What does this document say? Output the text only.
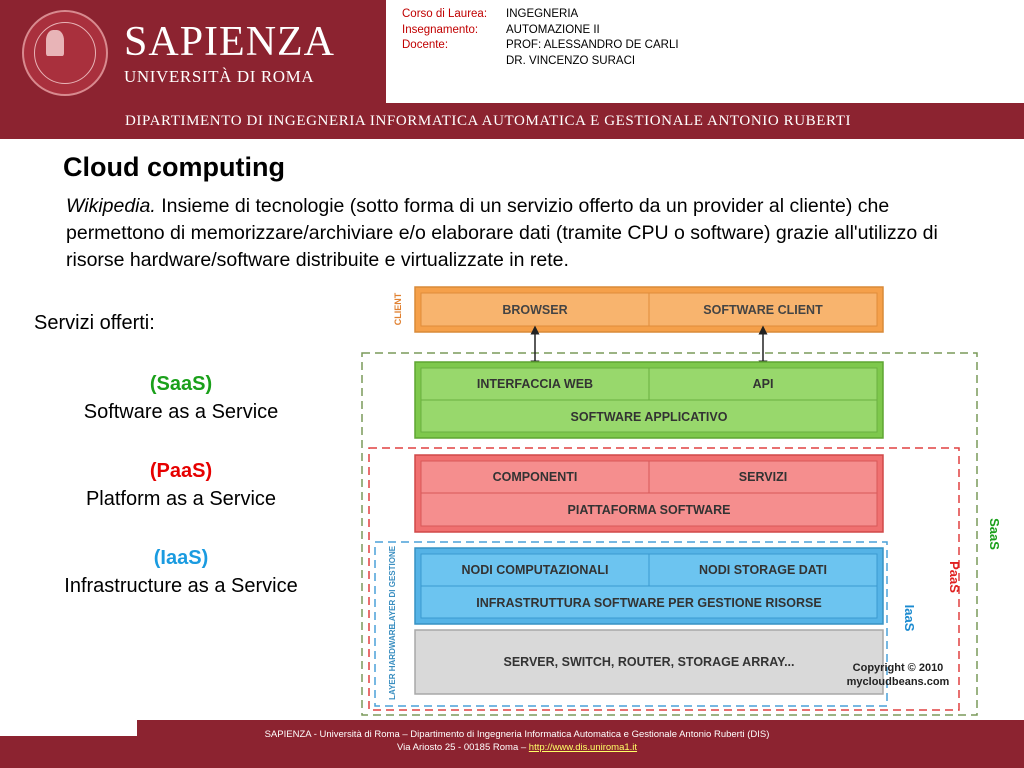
SAPIENZA
UNIVERSITÀ DI ROMA
Corso di Laurea:	INGEGNERIA
Insegnamento:	AUTOMAZIONE II
Docente:	PROF: ALESSANDRO DE CARLI
DR. VINCENZO SURACI
DIPARTIMENTO DI INGEGNERIA INFORMATICA AUTOMATICA E GESTIONALE ANTONIO RUBERTI
Cloud computing
Wikipedia. Insieme di tecnologie (sotto forma di un servizio offerto da un provider al cliente) che permettono di memorizzare/archiviare e/o elaborare dati (tramite CPU o software) grazie all'utilizzo di risorse hardware/software distribuite e virtualizzate in rete.
Servizi offerti:
(SaaS)
Software as a Service
(PaaS)
Platform as a Service
(IaaS)
Infrastructure as a Service
BROWSER	SOFTWARE CLIENT
INTERFACCIA WEB	API
SOFTWARE APPLICATIVO
COMPONENTI	SERVIZI
PIATTAFORMA SOFTWARE
NODI COMPUTAZIONALI	NODI STORAGE DATI
INFRASTRUTTURA SOFTWARE PER GESTIONE RISORSE
SERVER, SWITCH, ROUTER, STORAGE ARRAY...
CLIENT
LAYER DI GESTIONE
LAYER HARDWARE
SaaS
PaaS
IaaS
Copyright © 2010
mycloudbeans.com
SAPIENZA - Università di Roma – Dipartimento di Ingegneria Informatica Automatica e Gestionale Antonio Ruberti (DIS)
Via Ariosto 25 - 00185 Roma – http://www.dis.uniroma1.it
